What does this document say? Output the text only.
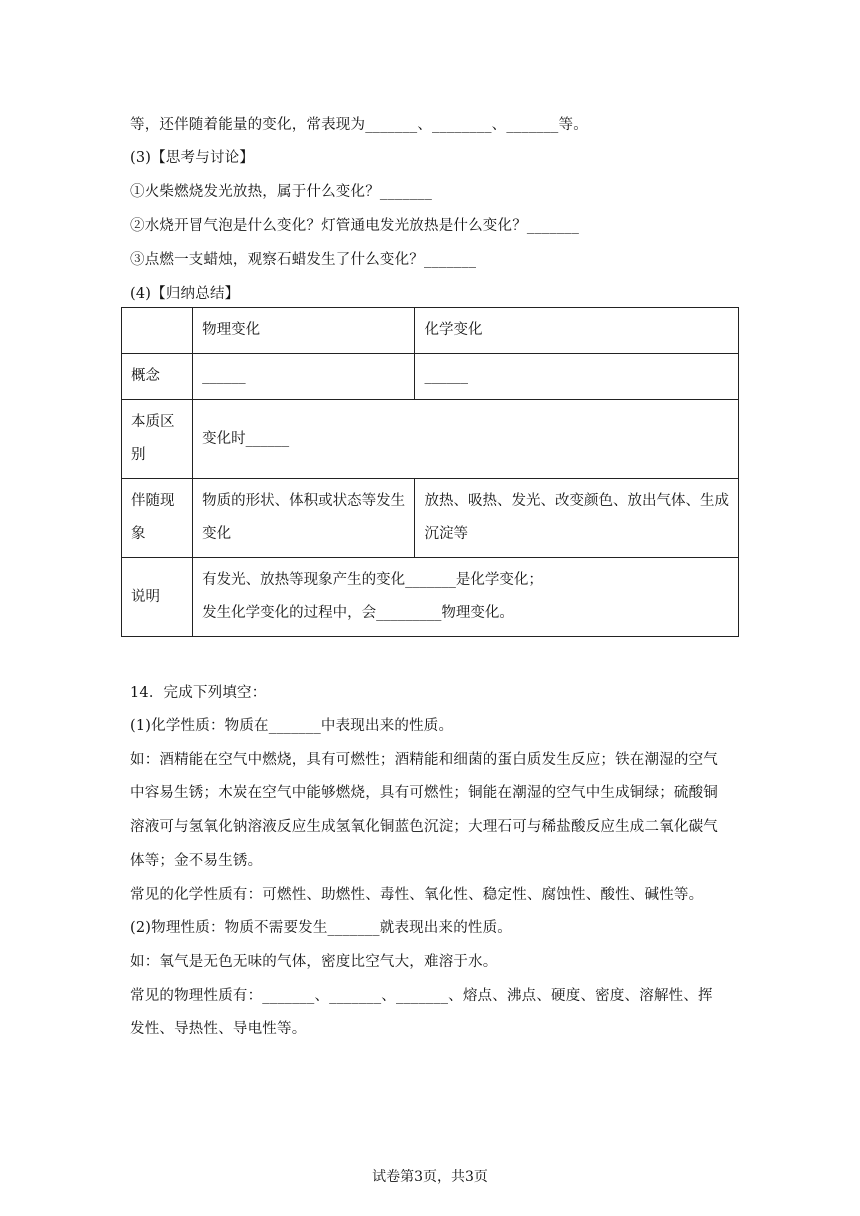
等，还伴随着能量的变化，常表现为_______、________、_______等。
(3)【思考与讨论】
①火柴燃烧发光放热，属于什么变化？_______
②水烧开冒气泡是什么变化？灯管通电发光放热是什么变化？_______
③点燃一支蜡烛，观察石蜡发生了什么变化？_______
(4)【归纳总结】
	物理变化	化学变化
概念	______	______
本质区别	变化时______	
伴随现象	物质的形状、体积或状态等发生变化	放热、吸热、发光、改变颜色、放出气体、生成沉淀等
说明	有发光、放热等现象产生的变化_______是化学变化；
发生化学变化的过程中，会_________物理变化。	
14．完成下列填空：
(1)化学性质：物质在_______中表现出来的性质。
如：酒精能在空气中燃烧，具有可燃性；酒精能和细菌的蛋白质发生反应；铁在潮湿的空气
中容易生锈；木炭在空气中能够燃烧，具有可燃性；铜能在潮湿的空气中生成铜绿；硫酸铜
溶液可与氢氧化钠溶液反应生成氢氧化铜蓝色沉淀；大理石可与稀盐酸反应生成二氧化碳气
体等；金不易生锈。
常见的化学性质有：可燃性、助燃性、毒性、氧化性、稳定性、腐蚀性、酸性、碱性等。
(2)物理性质：物质不需要发生_______就表现出来的性质。
如：氧气是无色无味的气体，密度比空气大，难溶于水。
常见的物理性质有：_______、_______、_______、熔点、沸点、硬度、密度、溶解性、挥
发性、导热性、导电性等。
试卷第3页，共3页
